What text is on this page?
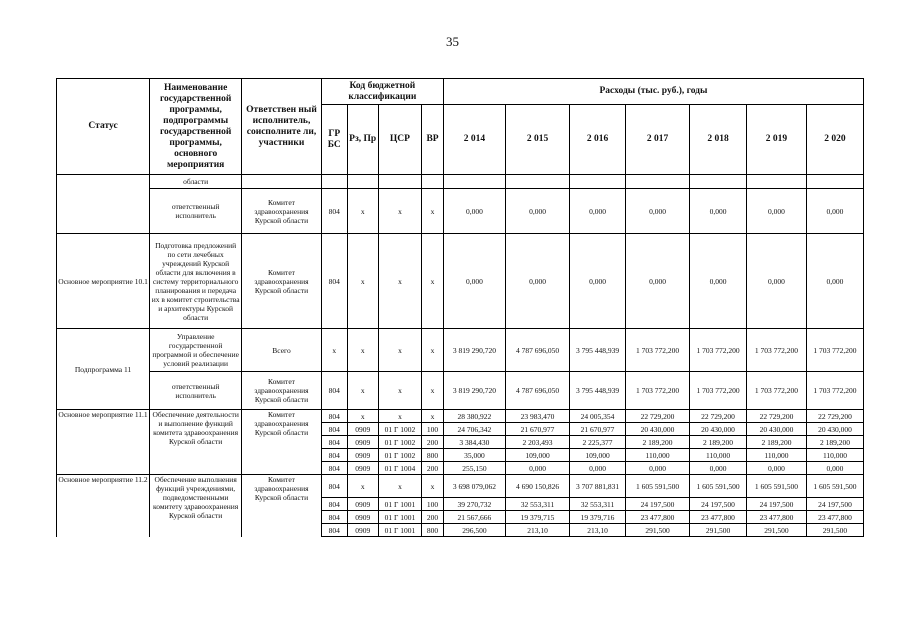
35
Статус	Наименование государственной программы, подпрограммы государственной программы, основного мероприятия	Ответствен ный исполнитель, соисполните ли, участники	Код бюджетной классификации				Расходы (тыс. руб.), годы						
			ГР БС	Рз, Пр	ЦСР	ВР	2 014	2 015	2 016	2 017	2 018	2 019	2 020
	области												
	ответственный исполнитель	Комитет здравоохранения Курской области	804	x	x	x	0,000	0,000	0,000	0,000	0,000	0,000	0,000
Основное мероприятие 10.1	Подготовка предложений по сети лечебных учреждений Курской области для включения в систему территориального планирования и передача их в комитет строительства и архитектуры Курской области	Комитет здравоохранения Курской области	804	x	x	x	0,000	0,000	0,000	0,000	0,000	0,000	0,000
Подпрограмма 11	Управление государственной программой и обеспечение условий реализации	Всего	x	x	x	x	3 819 290,720	4 787 696,050	3 795 448,939	1 703 772,200	1 703 772,200	1 703 772,200	1 703 772,200
	ответственный исполнитель	Комитет здравоохранения Курской области	804	x	x	x	3 819 290,720	4 787 696,050	3 795 448,939	1 703 772,200	1 703 772,200	1 703 772,200	1 703 772,200
Основное мероприятие 11.1	Обеспечение деятельности и выполнение функций комитета здравоохранения Курской области	Комитет здравоохранения Курской области	804	x	x	x	28 380,922	23 983,470	24 005,354	22 729,200	22 729,200	22 729,200	22 729,200
			804	0909	01 Г 1002	100	24 706,342	21 670,977	21 670,977	20 430,000	20 430,000	20 430,000	20 430,000
			804	0909	01 Г 1002	200	3 384,430	2 203,493	2 225,377	2 189,200	2 189,200	2 189,200	2 189,200
			804	0909	01 Г 1002	800	35,000	109,000	109,000	110,000	110,000	110,000	110,000
			804	0909	01 Г 1004	200	255,150	0,000	0,000	0,000	0,000	0,000	0,000
Основное мероприятие 11.2	Обеспечение выполнения функций учреждениями, подведомственными комитету здравоохранения Курской области	Комитет здравоохранения Курской области	804	x	x	x	3 698 079,062	4 690 150,826	3 707 881,831	1 605 591,500	1 605 591,500	1 605 591,500	1 605 591,500
			804	0909	01 Г 1001	100	39 270,732	32 553,311	32 553,311	24 197,500	24 197,500	24 197,500	24 197,500
			804	0909	01 Г 1001	200	21 567,666	19 379,715	19 379,716	23 477,800	23 477,800	23 477,800	23 477,800
			804	0909	01 Г 1001	800	296,500	213,10	213,10	291,500	291,500	291,500	291,500
